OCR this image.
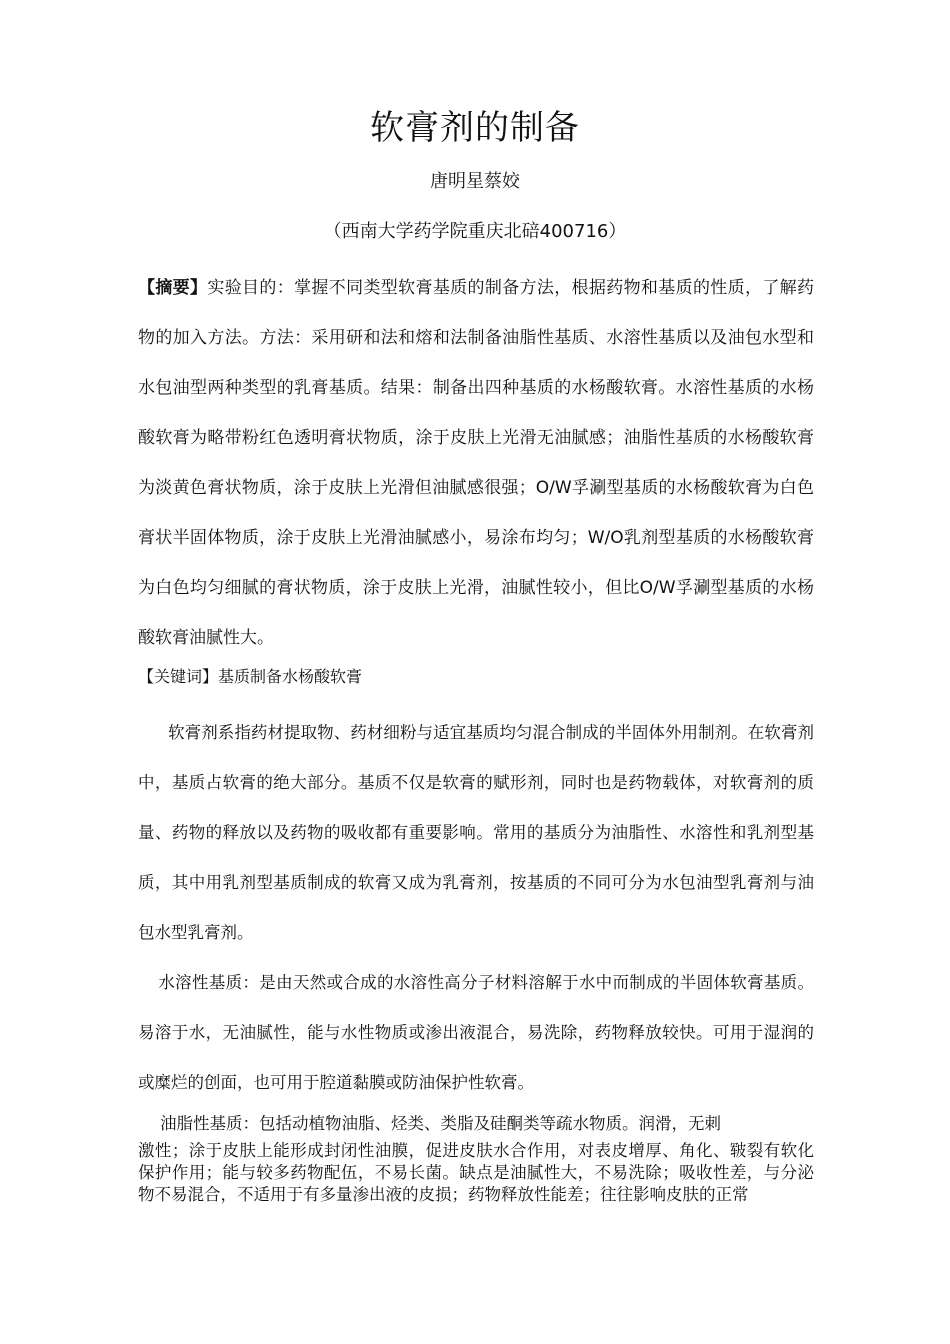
软膏剂的制备
唐明星蔡姣
（西南大学药学院重庆北碚400716）
【摘要】实验目的：掌握不同类型软膏基质的制备方法，根据药物和基质的性质，了解药物的加入方法。方法：采用研和法和熔和法制备油脂性基质、水溶性基质以及油包水型和水包油型两种类型的乳膏基质。结果：制备出四种基质的水杨酸软膏。水溶性基质的水杨酸软膏为略带粉红色透明膏状物质，涂于皮肤上光滑无油腻感；油脂性基质的水杨酸软膏为淡黄色膏状物质，涂于皮肤上光滑但油腻感很强；O/W孚涮型基质的水杨酸软膏为白色膏状半固体物质，涂于皮肤上光滑油腻感小，易涂布均匀；W/O乳剂型基质的水杨酸软膏为白色均匀细腻的膏状物质，涂于皮肤上光滑，油腻性较小，但比O/W孚涮型基质的水杨酸软膏油腻性大。
【关键词】基质制备水杨酸软膏
软膏剂系指药材提取物、药材细粉与适宜基质均匀混合制成的半固体外用制剂。在软膏剂中，基质占软膏的绝大部分。基质不仅是软膏的赋形剂，同时也是药物载体，对软膏剂的质量、药物的释放以及药物的吸收都有重要影响。常用的基质分为油脂性、水溶性和乳剂型基质，其中用乳剂型基质制成的软膏又成为乳膏剂，按基质的不同可分为水包油型乳膏剂与油包水型乳膏剂。
水溶性基质：是由天然或合成的水溶性高分子材料溶解于水中而制成的半固体软膏基质。易溶于水，无油腻性，能与水性物质或渗出液混合，易洗除，药物释放较快。可用于湿润的或糜烂的创面，也可用于腔道黏膜或防油保护性软膏。
油脂性基质：包括动植物油脂、烃类、类脂及硅酮类等疏水物质。润滑，无刺
激性；涂于皮肤上能形成封闭性油膜，促进皮肤水合作用，对表皮增厚、角化、皲裂有软化保护作用；能与较多药物配伍，不易长菌。缺点是油腻性大，不易洗除；吸收性差，与分泌物不易混合，不适用于有多量渗出液的皮损；药物释放性能差；往往影响皮肤的正常
